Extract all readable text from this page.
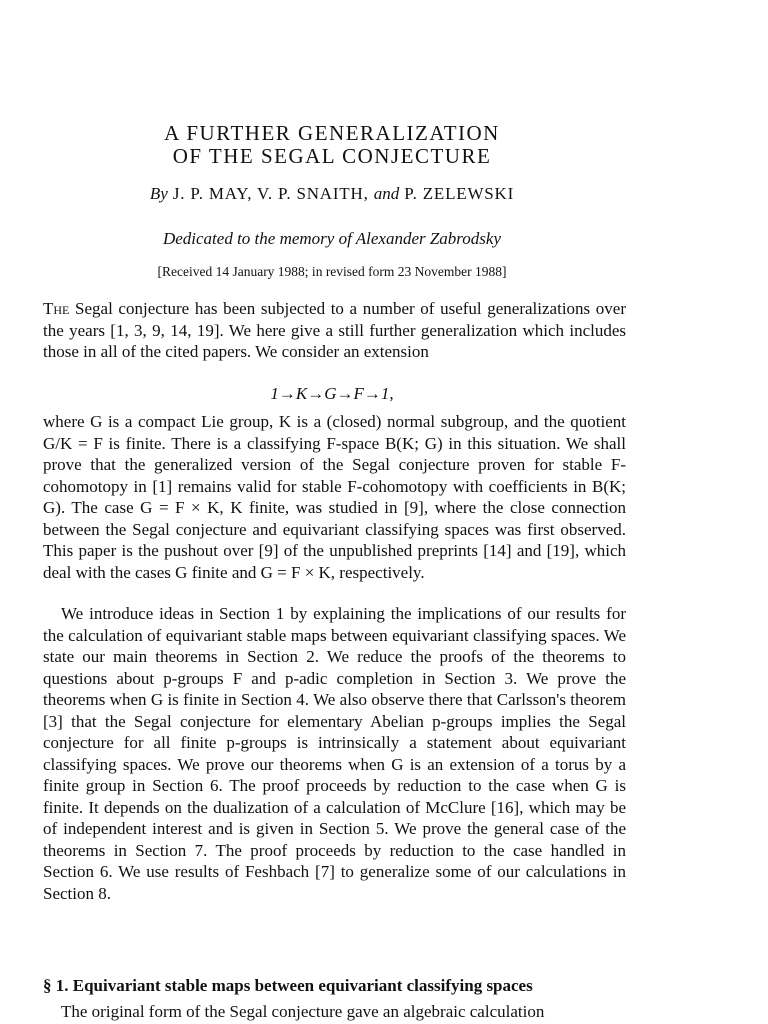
A FURTHER GENERALIZATION
OF THE SEGAL CONJECTURE
By J. P. MAY, V. P. SNAITH, and P. ZELEWSKI
Dedicated to the memory of Alexander Zabrodsky
[Received 14 January 1988; in revised form 23 November 1988]

The Segal conjecture has been subjected to a number of useful generalizations over the years [1, 3, 9, 14, 19]. We here give a still further generalization which includes those in all of the cited papers. We consider an extension

1→K→G→F→1,

where G is a compact Lie group, K is a (closed) normal subgroup, and the quotient G/K = F is finite. There is a classifying F-space B(K; G) in this situation. We shall prove that the generalized version of the Segal conjecture proven for stable F-cohomotopy in [1] remains valid for stable F-cohomotopy with coefficients in B(K; G). The case G = F × K, K finite, was studied in [9], where the close connection between the Segal conjecture and equivariant classifying spaces was first observed. This paper is the pushout over [9] of the unpublished preprints [14] and [19], which deal with the cases G finite and G = F × K, respectively.

We introduce ideas in Section 1 by explaining the implications of our results for the calculation of equivariant stable maps between equivariant classifying spaces. We state our main theorems in Section 2. We reduce the proofs of the theorems to questions about p-groups F and p-adic completion in Section 3. We prove the theorems when G is finite in Section 4. We also observe there that Carlsson's theorem [3] that the Segal conjecture for elementary Abelian p-groups implies the Segal conjecture for all finite p-groups is intrinsically a statement about equivariant classifying spaces. We prove our theorems when G is an extension of a torus by a finite group in Section 6. The proof proceeds by reduction to the case when G is finite. It depends on the dualization of a calculation of McClure [16], which may be of independent interest and is given in Section 5. We prove the general case of the theorems in Section 7. The proof proceeds by reduction to the case handled in Section 6. We use results of Feshbach [7] to generalize some of our calculations in Section 8.

§ 1. Equivariant stable maps between equivariant classifying spaces

The original form of the Segal conjecture gave an algebraic calculation
